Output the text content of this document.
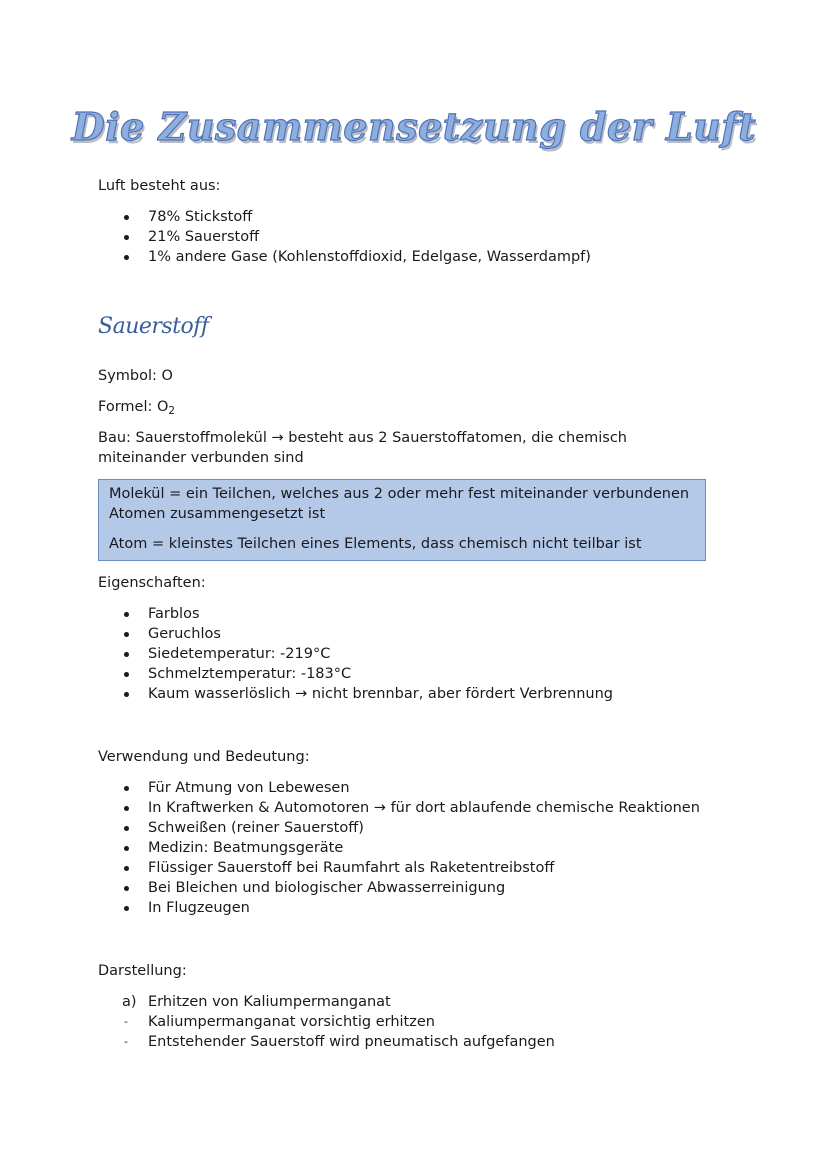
Die Zusammensetzung der Luft
Luft besteht aus:
78% Stickstoff
21% Sauerstoff
1% andere Gase (Kohlenstoffdioxid, Edelgase, Wasserdampf)
Sauerstoff
Symbol: O
Formel: $O_2$
Bau: Sauerstoffmolekül → besteht aus 2 Sauerstoffatomen, die chemisch
miteinander verbunden sind

Molekül = ein Teilchen, welches aus 2 oder mehr fest miteinander verbundenen
Atomen zusammengesetzt ist

Atom = kleinstes Teilchen eines Elements, dass chemisch nicht teilbar ist

Eigenschaften:
Farblos
Geruchlos
Siedetemperatur: -219°C
Schmelztemperatur: -183°C
Kaum wasserlöslich → nicht brennbar, aber fördert Verbrennung
Verwendung und Bedeutung:
Für Atmung von Lebewesen
In Kraftwerken & Automotoren → für dort ablaufende chemische Reaktionen
Schweißen (reiner Sauerstoff)
Medizin: Beatmungsgeräte
Flüssiger Sauerstoff bei Raumfahrt als Raketentreibstoff
Bei Bleichen und biologischer Abwasserreinigung
In Flugzeugen
Darstellung:
a) Erhitzen von Kaliumpermanganat
- Kaliumpermanganat vorsichtig erhitzen
- Entstehender Sauerstoff wird pneumatisch aufgefangen
